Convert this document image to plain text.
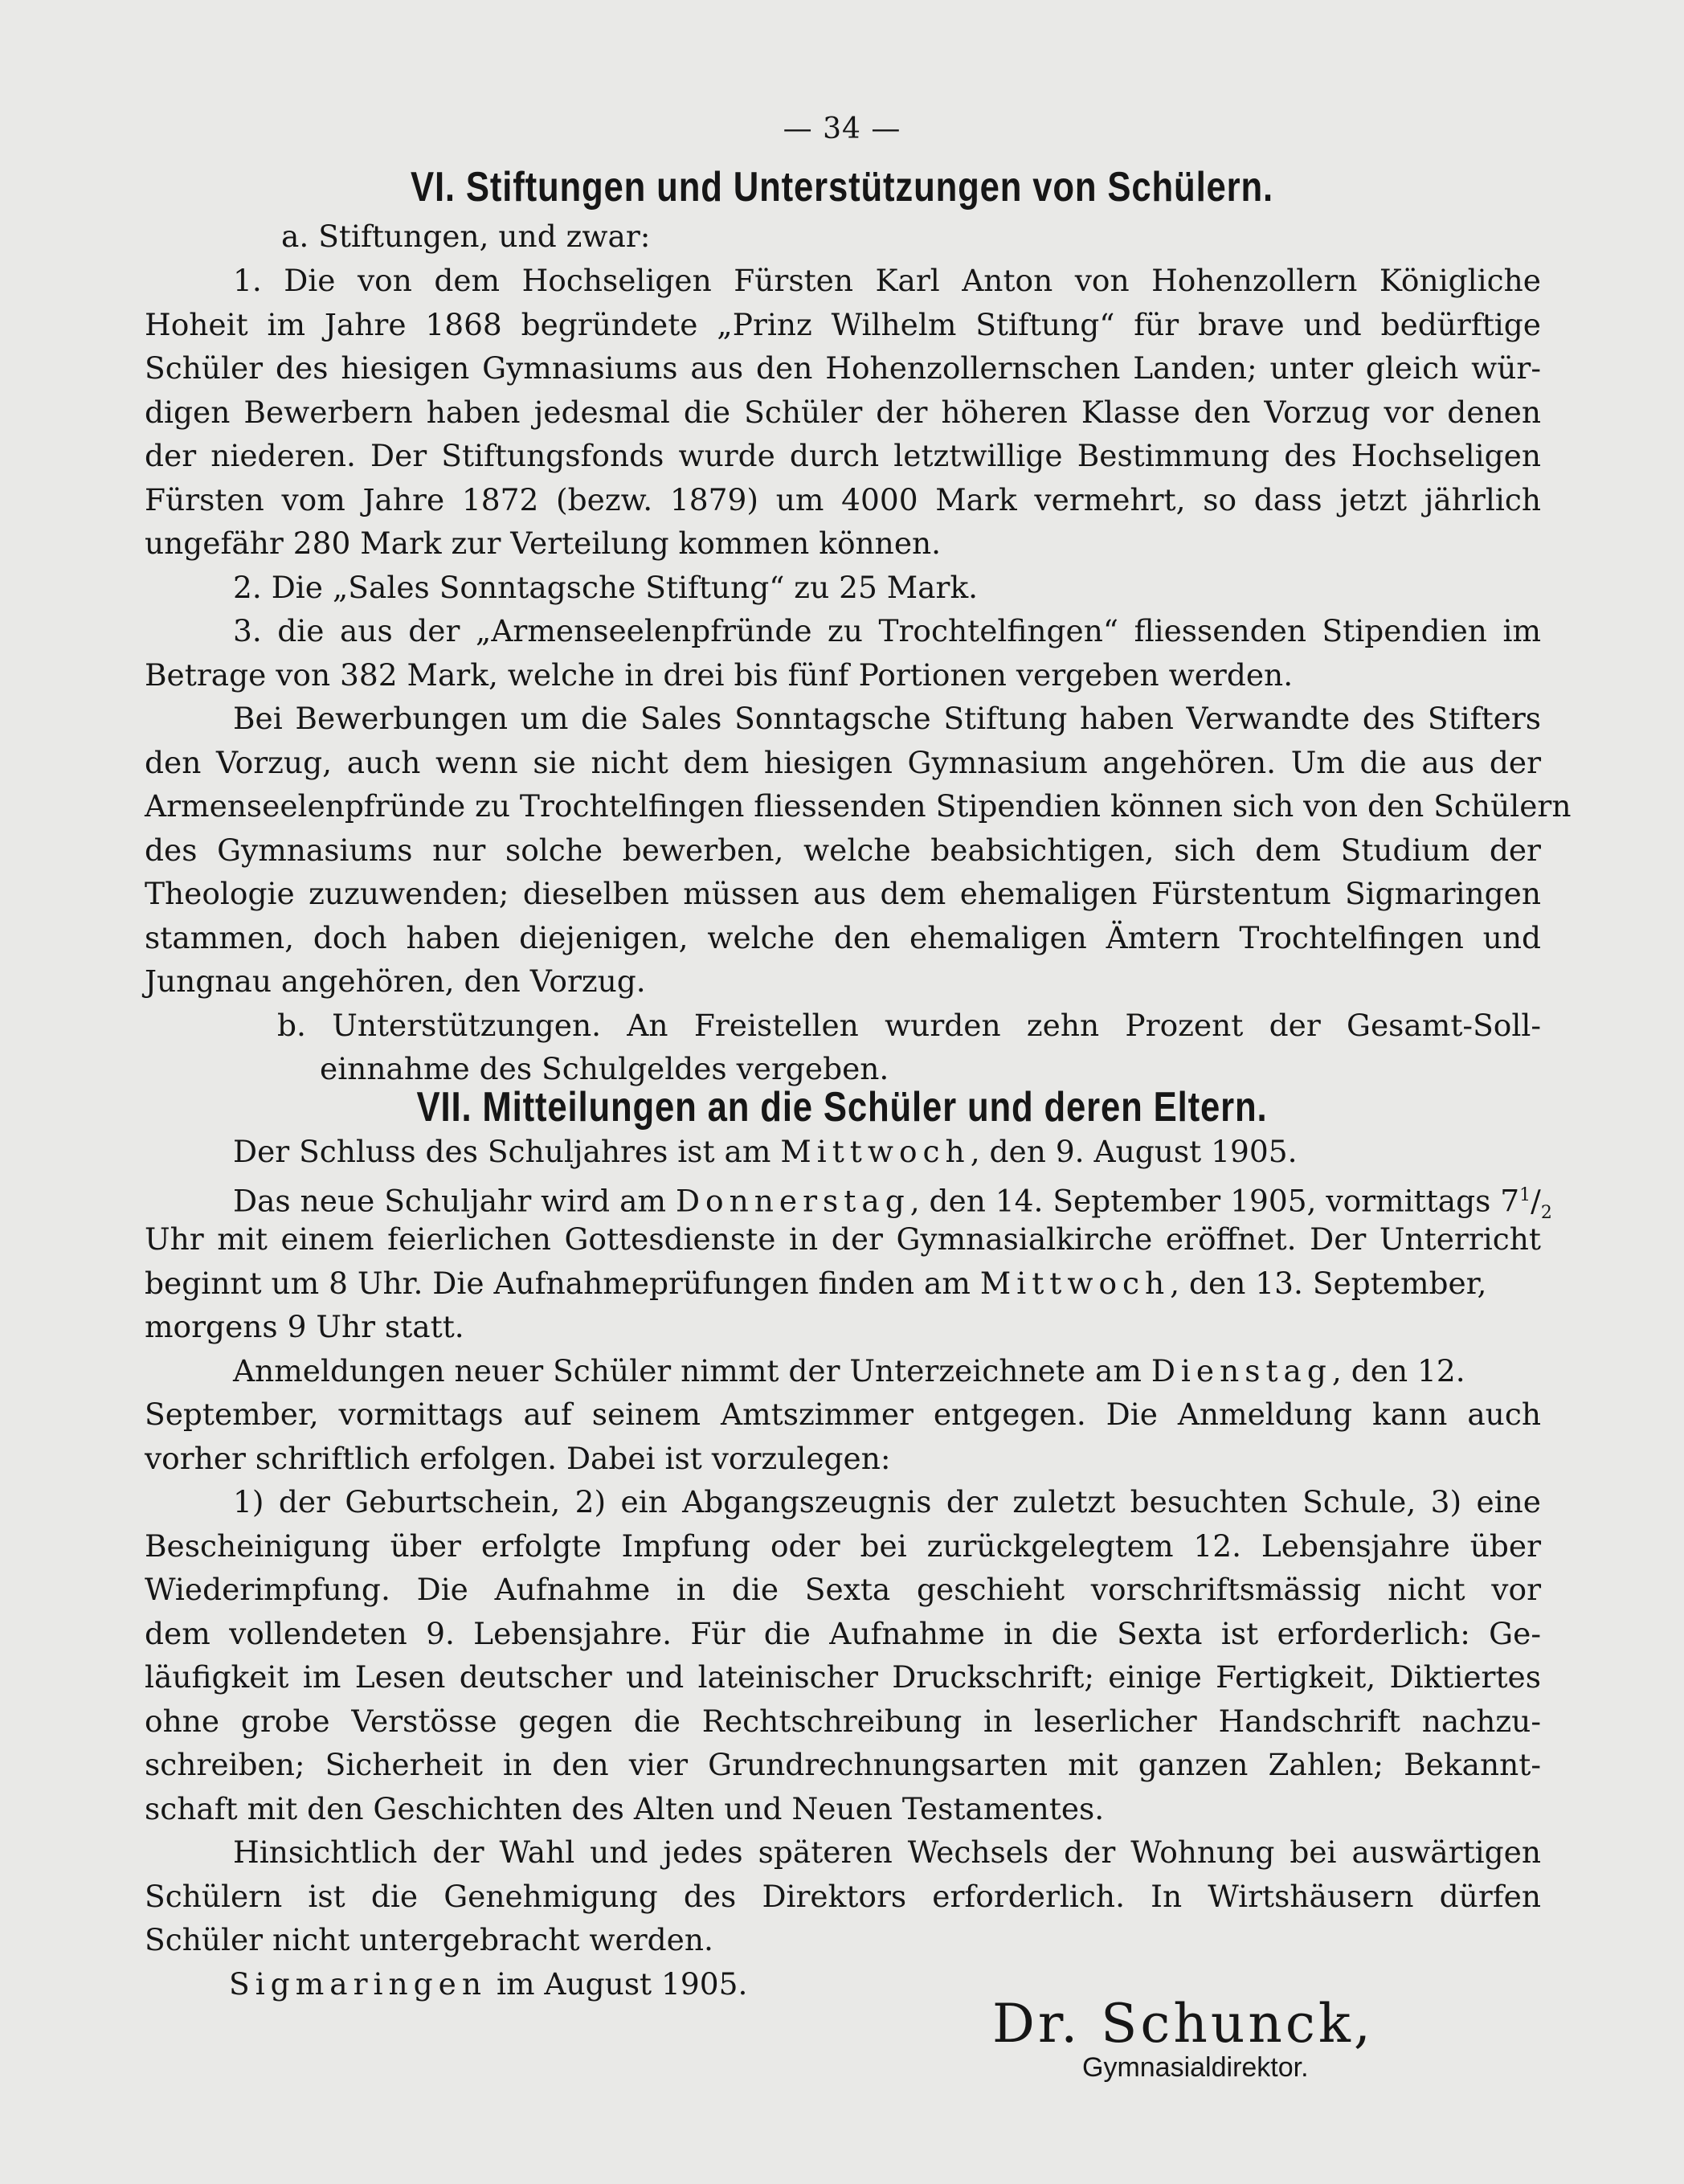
— 34 —
VI. Stiftungen und Unterstützungen von Schülern.
a. Stiftungen, und zwar:
1. Die von dem Hochseligen Fürsten Karl Anton von Hohenzollern Königliche
Hoheit im Jahre 1868 begründete „Prinz Wilhelm Stiftung“ für brave und bedürftige
Schüler des hiesigen Gymnasiums aus den Hohenzollernschen Landen; unter gleich wür-
digen Bewerbern haben jedesmal die Schüler der höheren Klasse den Vorzug vor denen
der niederen. Der Stiftungsfonds wurde durch letztwillige Bestimmung des Hochseligen
Fürsten vom Jahre 1872 (bezw. 1879) um 4000 Mark vermehrt, so dass jetzt jährlich
ungefähr 280 Mark zur Verteilung kommen können.
2. Die „Sales Sonntagsche Stiftung“ zu 25 Mark.
3. die aus der „Armenseelenpfründe zu Trochtelfingen“ fliessenden Stipendien im
Betrage von 382 Mark, welche in drei bis fünf Portionen vergeben werden.
Bei Bewerbungen um die Sales Sonntagsche Stiftung haben Verwandte des Stifters
den Vorzug, auch wenn sie nicht dem hiesigen Gymnasium angehören. Um die aus der
Armenseelenpfründe zu Trochtelfingen fliessenden Stipendien können sich von den Schülern
des Gymnasiums nur solche bewerben, welche beabsichtigen, sich dem Studium der
Theologie zuzuwenden; dieselben müssen aus dem ehemaligen Fürstentum Sigmaringen
stammen, doch haben diejenigen, welche den ehemaligen Ämtern Trochtelfingen und
Jungnau angehören, den Vorzug.
b. Unterstützungen. An Freistellen wurden zehn Prozent der Gesamt-Soll-
einnahme des Schulgeldes vergeben.
VII. Mitteilungen an die Schüler und deren Eltern.
Der Schluss des Schuljahres ist am Mittwoch, den 9. August 1905.
Das neue Schuljahr wird am Donnerstag, den 14. September 1905, vormittags $7^1/_2$
Uhr mit einem feierlichen Gottesdienste in der Gymnasialkirche eröffnet. Der Unterricht
beginnt um 8 Uhr. Die Aufnahmeprüfungen finden am Mittwoch, den 13. September,
morgens 9 Uhr statt.
Anmeldungen neuer Schüler nimmt der Unterzeichnete am Dienstag, den 12.
September, vormittags auf seinem Amtszimmer entgegen. Die Anmeldung kann auch
vorher schriftlich erfolgen. Dabei ist vorzulegen:
1) der Geburtschein, 2) ein Abgangszeugnis der zuletzt besuchten Schule, 3) eine
Bescheinigung über erfolgte Impfung oder bei zurückgelegtem 12. Lebensjahre über
Wiederimpfung. Die Aufnahme in die Sexta geschieht vorschriftsmässig nicht vor
dem vollendeten 9. Lebensjahre. Für die Aufnahme in die Sexta ist erforderlich: Ge-
läufigkeit im Lesen deutscher und lateinischer Druckschrift; einige Fertigkeit, Diktiertes
ohne grobe Verstösse gegen die Rechtschreibung in leserlicher Handschrift nachzu-
schreiben; Sicherheit in den vier Grundrechnungsarten mit ganzen Zahlen; Bekannt-
schaft mit den Geschichten des Alten und Neuen Testamentes.
Hinsichtlich der Wahl und jedes späteren Wechsels der Wohnung bei auswärtigen
Schülern ist die Genehmigung des Direktors erforderlich. In Wirtshäusern dürfen
Schüler nicht untergebracht werden.
Sigmaringen im August 1905.
Dr. Schunck,
Gymnasialdirektor.
